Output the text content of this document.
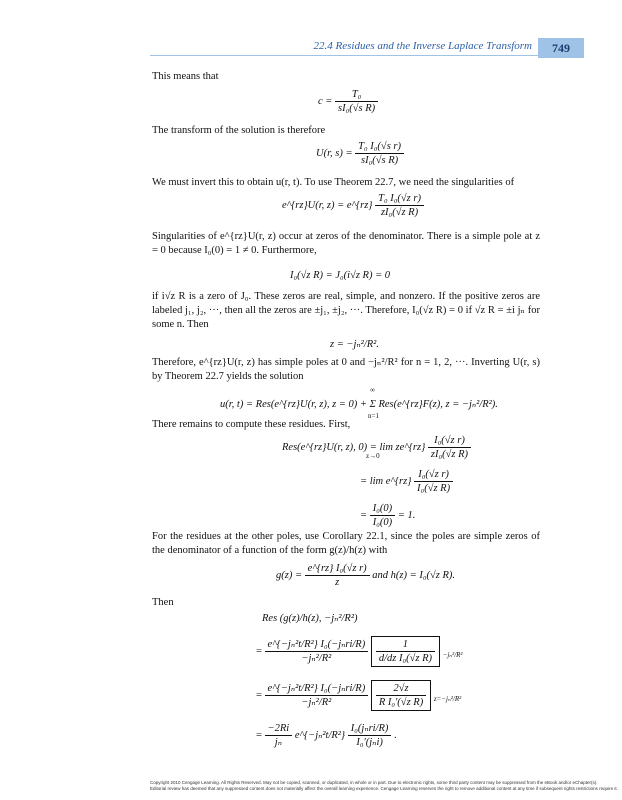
22.4 Residues and the Inverse Laplace Transform	749
This means that
$c = \frac{\text{T₀}}{\text{sI₀(√s R)}}$
The transform of the solution is therefore
U(r, $s) = \frac{\text{T₀ I₀(√s r)}}{\text{sI₀(√s R)}}$
We must invert this to obtain u(r, t). To use Theorem 22.7, we need the singularities of
e^{rz}U(r, z) = e^{rz} $\frac{\text{T₀ I₀(√z r)}}{\text{zI₀(√z R)}}$
Singularities of e^{rz}U(r, z) occur at zeros of the denominator. There is a simple pole at z = 0 because I₀(0) = 1 ≠ 0. Furthermore,
I₀(√z R) = J₀(i√z R) = 0
if i√z R is a zero of J₀. These zeros are real, simple, and nonzero. If the positive zeros are labeled j₁, j₂, ···, then all the zeros are ±j₁, ±j₂, ···. Therefore, I₀(√z R) = 0 if √z R = ±i jₙ for some n. Then
z = −jₙ²/R².
Therefore, e^{rz}U(r, z) has simple poles at 0 and −jₙ²/R² for n = 1, 2, ···. Inverting U(r, s) by Theorem 22.7 yields the solution
u(r, t) = Res(e^{rz}U(r, z), z = 0) + Σ Res(e^{rz}F(z), z = −jₙ²/R²).
∞
n=1
There remains to compute these residues. First,
Res(e^{rz}U(r, z), 0) = lim ze^{rz} $\frac{\text{I₀(√z r)}}{\text{zI₀(√z R)}}$
z→0
= lim e^{rz} $\frac{\text{I₀(√z r)}}{\text{I₀(√z R)}}$
= $\frac{\text{I₀(0)}}{\text{I₀(0)}} = 1$.
For the residues at the other poles, use Corollary 22.1, since the poles are simple zeros of the denominator of a function of the form g(z)/h(z) with
$g(z) = \frac{\text{e\textasciicircum{}\{rz\} I₀(√z r)}}{z}$ and h(z) = I₀(√z R).
Then
Res (g(z)/h(z), −jₙ²/R²)
= $\frac{\text{e\textasciicircum{}\{−jₙ²t/R²\} I₀(−jₙri/R)}}{\text{−jₙ²/R²}}$
$\frac{1}{\text{d/dz I₀(√z R)}} _{-j_n^2/R^2}$
= $\frac{\text{e\textasciicircum{}\{−jₙ²t/R²\} I₀(−jₙri/R)}}{\text{−jₙ²/R²}}$
$\frac{2√z}{\text{R I₀′(√z R)}} _{z=-j_n^2/R^2}$
= $\frac{-2Ri}{\text{jₙ}}$ e^{−jₙ²t/R²} $\frac{\text{I₀(jₙri/R)}}{\text{I₀′(jₙi)}}$ .
Copyright 2010 Cengage Learning. All Rights Reserved. May not be copied, scanned, or duplicated, in whole or in part. Due to electronic rights, some third party content may be suppressed from the eBook and/or eChapter(s).
Editorial review has deemed that any suppressed content does not materially affect the overall learning experience. Cengage Learning reserves the right to remove additional content at any time if subsequent rights restrictions require it.
